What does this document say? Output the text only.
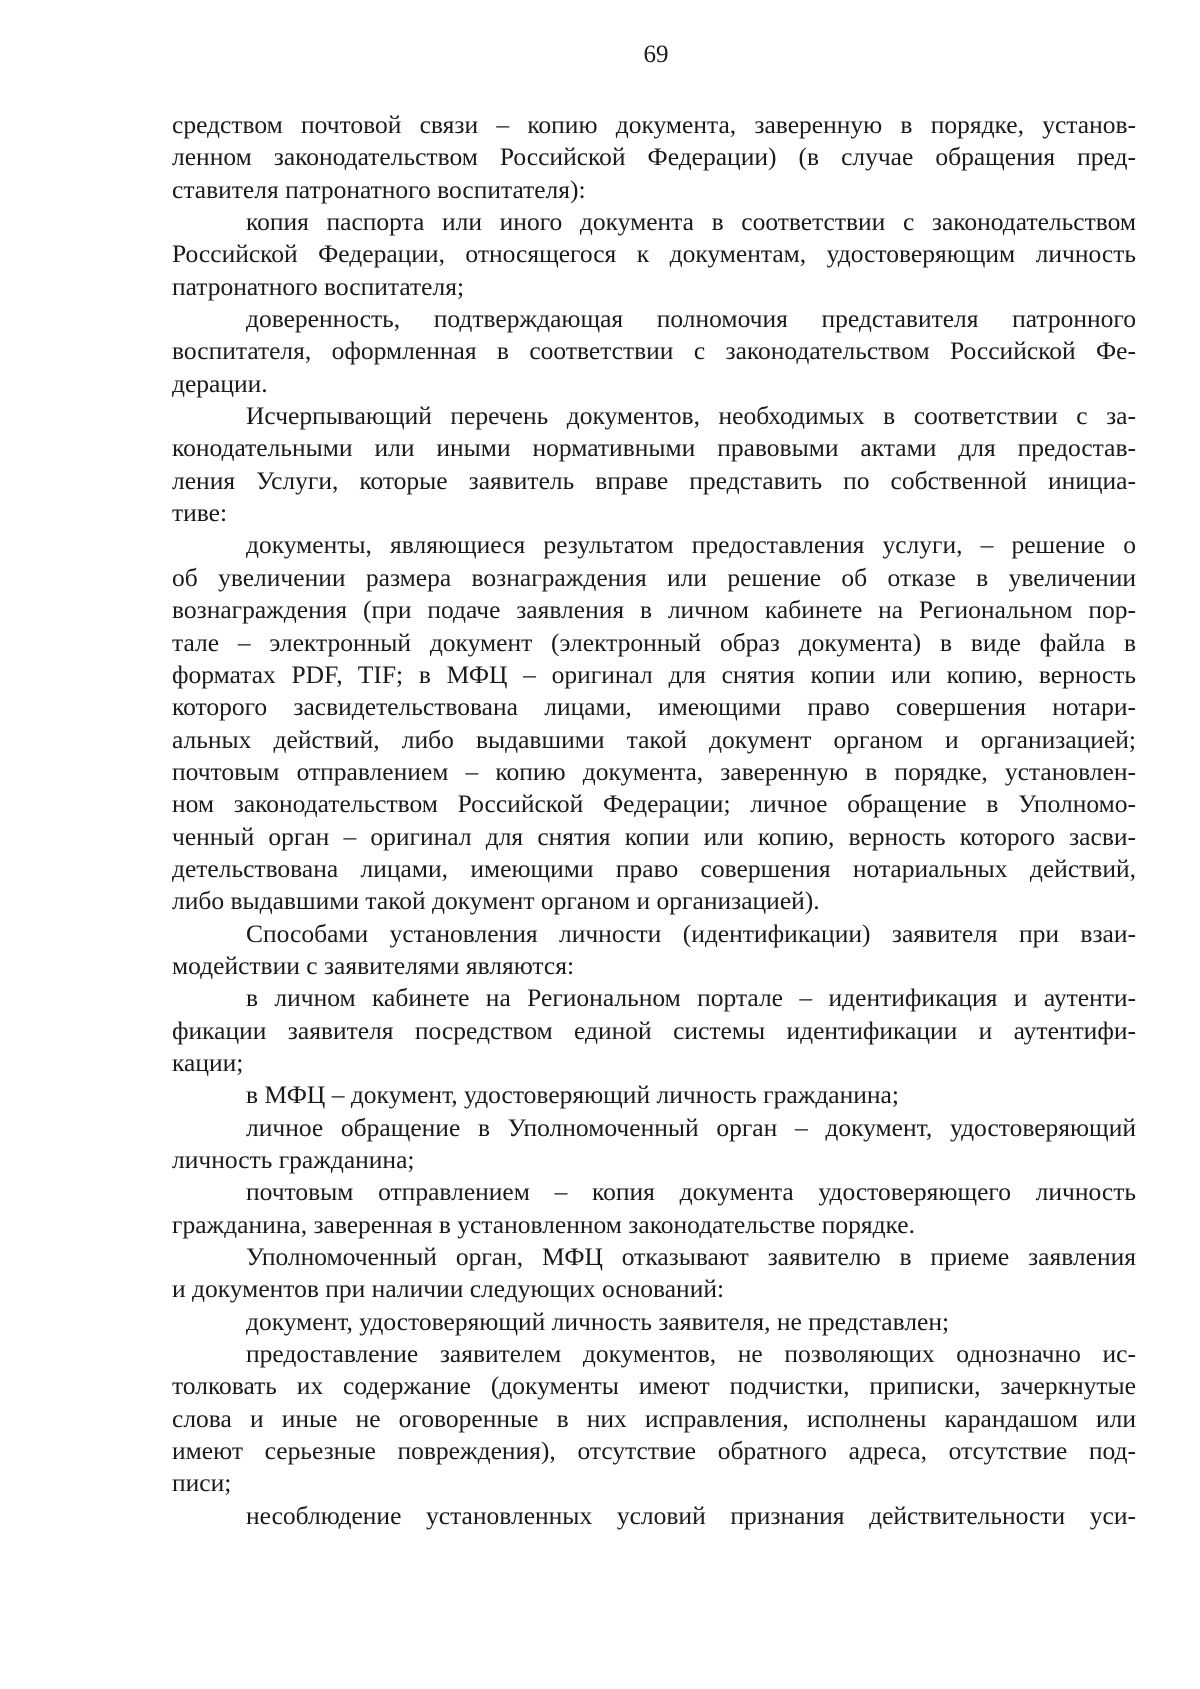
69
средством почтовой связи – копию документа, заверенную в порядке, установ-
ленном законодательством Российской Федерации) (в случае обращения пред-
ставителя патронатного воспитателя):
копия паспорта или иного документа в соответствии с законодательством
Российской Федерации, относящегося к документам, удостоверяющим личность
патронатного воспитателя;
доверенность, подтверждающая полномочия представителя патронного
воспитателя, оформленная в соответствии с законодательством Российской Фе-
дерации.
Исчерпывающий перечень документов, необходимых в соответствии с за-
конодательными или иными нормативными правовыми актами для предостав-
ления Услуги, которые заявитель вправе представить по собственной инициа-
тиве:
документы, являющиеся результатом предоставления услуги, – решение о
об увеличении размера вознаграждения или решение об отказе в увеличении
вознаграждения (при подаче заявления в личном кабинете на Региональном пор-
тале – электронный документ (электронный образ документа) в виде файла в
форматах PDF, TIF; в МФЦ – оригинал для снятия копии или копию, верность
которого засвидетельствована лицами, имеющими право совершения нотари-
альных действий, либо выдавшими такой документ органом и организацией;
почтовым отправлением – копию документа, заверенную в порядке, установлен-
ном законодательством Российской Федерации; личное обращение в Уполномо-
ченный орган – оригинал для снятия копии или копию, верность которого засви-
детельствована лицами, имеющими право совершения нотариальных действий,
либо выдавшими такой документ органом и организацией).
Способами установления личности (идентификации) заявителя при взаи-
модействии с заявителями являются:
в личном кабинете на Региональном портале – идентификация и аутенти-
фикации заявителя посредством единой системы идентификации и аутентифи-
кации;
в МФЦ – документ, удостоверяющий личность гражданина;
личное обращение в Уполномоченный орган – документ, удостоверяющий
личность гражданина;
почтовым отправлением – копия документа удостоверяющего личность
гражданина, заверенная в установленном законодательстве порядке.
Уполномоченный орган, МФЦ отказывают заявителю в приеме заявления
и документов при наличии следующих оснований:
документ, удостоверяющий личность заявителя, не представлен;
предоставление заявителем документов, не позволяющих однозначно ис-
толковать их содержание (документы имеют подчистки, приписки, зачеркнутые
слова и иные не оговоренные в них исправления, исполнены карандашом или
имеют серьезные повреждения), отсутствие обратного адреса, отсутствие под-
писи;
несоблюдение установленных условий признания действительности уси-
